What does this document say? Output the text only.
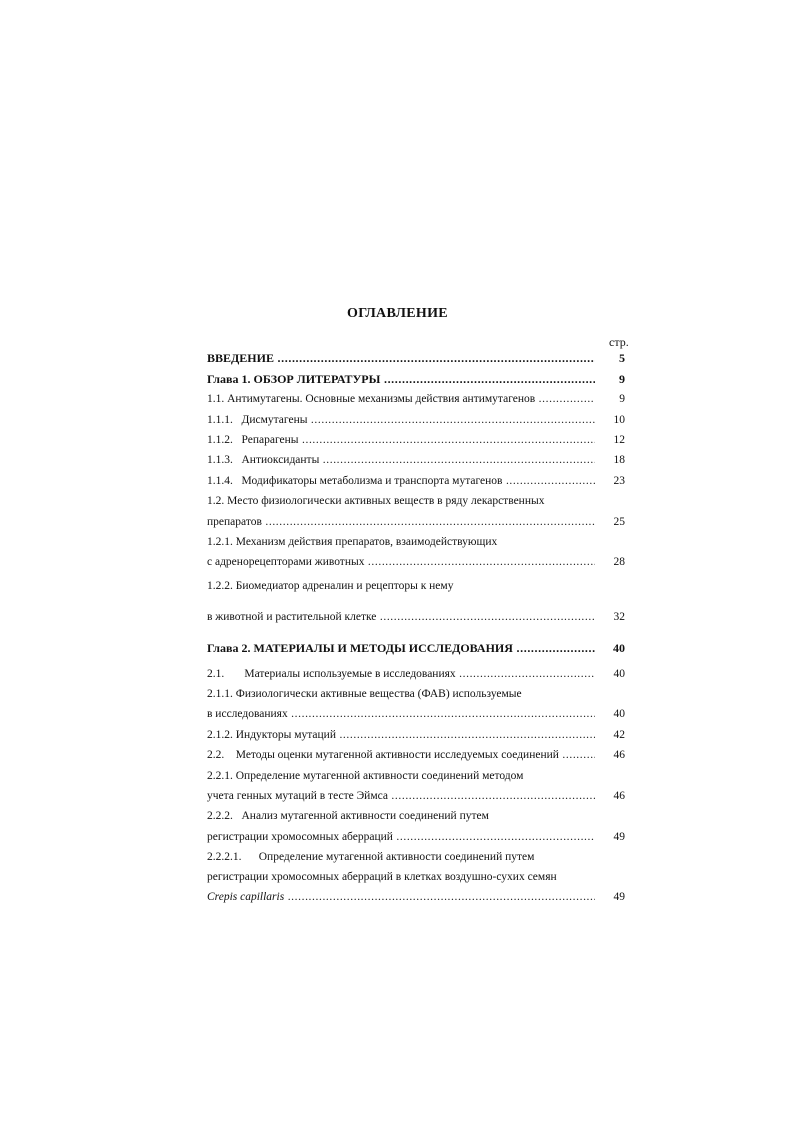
ОГЛАВЛЕНИЕ
стр.
ВВЕДЕНИЕ .....	5
Глава 1. ОБЗОР ЛИТЕРАТУРЫ .....	9
1.1. Антимутагены. Основные механизмы действия антимутагенов .....	9
1.1.1. Дисмутагены .....	10
1.1.2. Репарагены .....	12
1.1.3. Антиоксиданты .....	18
1.1.4. Модификаторы метаболизма и транспорта мутагенов .....	23
1.2. Место физиологически активных веществ в ряду лекарственных
препаратов .....	25
1.2.1. Механизм действия препаратов, взаимодействующих
с адренорецепторами животных .....	28
1.2.2. Биомедиатор адреналин и рецепторы к нему
в животной и растительной клетке .....	32
Глава 2. МАТЕРИАЛЫ И МЕТОДЫ ИССЛЕДОВАНИЯ .....	40
2.1. Материалы используемые в исследованиях .....	40
2.1.1. Физиологически активные вещества (ФАВ) используемые
в исследованиях .....	40
2.1.2. Индукторы мутаций .....	42
2.2. Методы оценки мутагенной активности исследуемых соединений .....	46
2.2.1. Определение мутагенной активности соединений методом
учета генных мутаций в тесте Эймса .....	46
2.2.2. Анализ мутагенной активности соединений путем
регистрации хромосомных аберраций .....	49
2.2.2.1. Определение мутагенной активности соединений путем
регистрации хромосомных аберраций в клетках воздушно-сухих семян
Crepis capillaris .....	49
